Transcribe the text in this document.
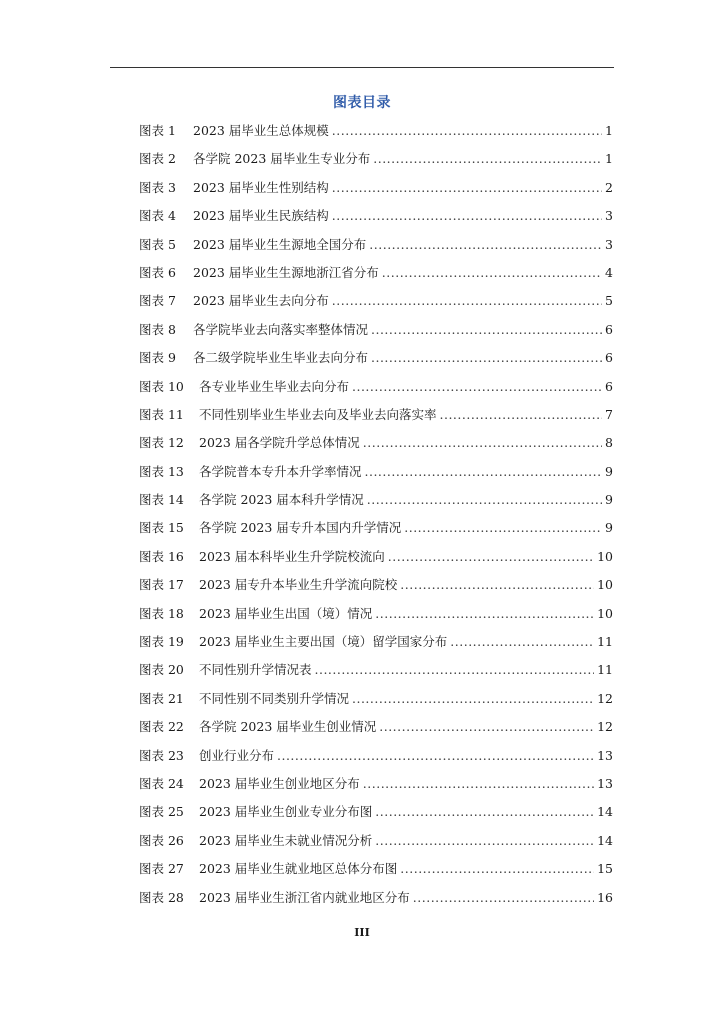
图表目录
图表 1	2023 届毕业生总体规模 .....	1
图表 2	各学院 2023 届毕业生专业分布 .....	1
图表 3	2023 届毕业生性别结构 .....	2
图表 4	2023 届毕业生民族结构 .....	3
图表 5	2023 届毕业生生源地全国分布 .....	3
图表 6	2023 届毕业生生源地浙江省分布 .....	4
图表 7	2023 届毕业生去向分布 .....	5
图表 8	各学院毕业去向落实率整体情况 .....	6
图表 9	各二级学院毕业生毕业去向分布 .....	6
图表 10	各专业毕业生毕业去向分布 .....	6
图表 11	不同性别毕业生毕业去向及毕业去向落实率 .....	7
图表 12	2023 届各学院升学总体情况 .....	8
图表 13	各学院普本专升本升学率情况 .....	9
图表 14	各学院 2023 届本科升学情况 .....	9
图表 15	各学院 2023 届专升本国内升学情况 .....	9
图表 16	2023 届本科毕业生升学院校流向 .....	10
图表 17	2023 届专升本毕业生升学流向院校 .....	10
图表 18	2023 届毕业生出国（境）情况 .....	10
图表 19	2023 届毕业生主要出国（境）留学国家分布 .....	11
图表 20	不同性别升学情况表 .....	11
图表 21	不同性别不同类别升学情况 .....	12
图表 22	各学院 2023 届毕业生创业情况 .....	12
图表 23	创业行业分布 .....	13
图表 24	2023 届毕业生创业地区分布 .....	13
图表 25	2023 届毕业生创业专业分布图 .....	14
图表 26	2023 届毕业生未就业情况分析 .....	14
图表 27	2023 届毕业生就业地区总体分布图 .....	15
图表 28	2023 届毕业生浙江省内就业地区分布 .....	16
III
